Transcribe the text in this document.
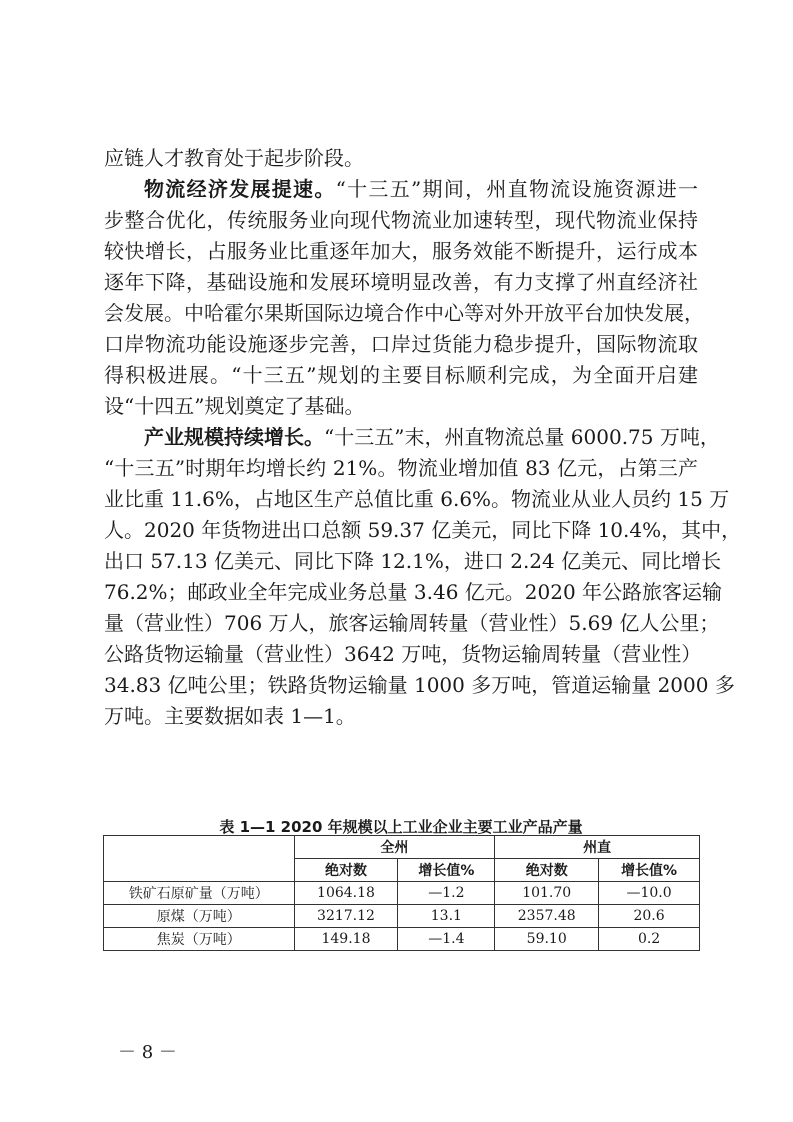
应链人才教育处于起步阶段。
物流经济发展提速。“十三五”期间，州直物流设施资源进一
步整合优化，传统服务业向现代物流业加速转型，现代物流业保持
较快增长，占服务业比重逐年加大，服务效能不断提升，运行成本
逐年下降，基础设施和发展环境明显改善，有力支撑了州直经济社
会发展。中哈霍尔果斯国际边境合作中心等对外开放平台加快发展，
口岸物流功能设施逐步完善，口岸过货能力稳步提升，国际物流取
得积极进展。“十三五”规划的主要目标顺利完成，为全面开启建
设“十四五”规划奠定了基础。
产业规模持续增长。“十三五”末，州直物流总量 6000.75 万吨，
“十三五”时期年均增长约 21%。物流业增加值 83 亿元，占第三产
业比重 11.6%，占地区生产总值比重 6.6%。物流业从业人员约 15 万
人。2020 年货物进出口总额 59.37 亿美元，同比下降 10.4%，其中，
出口 57.13 亿美元、同比下降 12.1%，进口 2.24 亿美元、同比增长
76.2%；邮政业全年完成业务总量 3.46 亿元。2020 年公路旅客运输
量（营业性）706 万人，旅客运输周转量（营业性）5.69 亿人公里；
公路货物运输量（营业性）3642 万吨，货物运输周转量（营业性）
34.83 亿吨公里；铁路货物运输量 1000 多万吨，管道运输量 2000 多
万吨。主要数据如表 1—1。
表 1—1 2020 年规模以上工业企业主要工业产品产量
	全州		州直	
	绝对数	增长值%	绝对数	增长值%
铁矿石原矿量（万吨）	1064.18	—1.2	101.70	—10.0
原煤（万吨）	3217.12	13.1	2357.48	20.6
焦炭（万吨）	149.18	—1.4	59.10	0.2
－ 8 －
